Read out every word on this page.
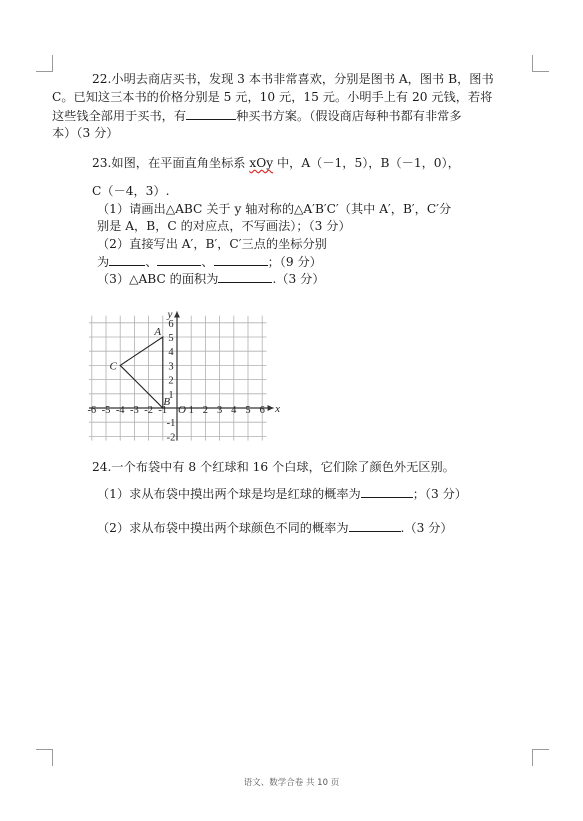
22.小明去商店买书，发现 3 本书非常喜欢，分别是图书 A，图书 B，图书
C。已知这三本书的价格分别是 5 元，10 元，15 元。小明手上有 20 元钱，若将
这些钱全部用于买书，有	种买书方案。（假设商店每种书都有非常多
本）（3 分）
23.如图，在平面直角坐标系 xOy 中，A（－1，5），B（－1，0），
C（－4，3）.
（1）请画出△ABC 关于 y 轴对称的△A′B′C′（其中 A′，B′，C′分
别是 A，B，C 的对应点，不写画法）；（3 分）
（2）直接写出 A′，B′，C′三点的坐标分别
为	、	、	；（9 分）
（3）△ABC 的面积为	.（3 分）
-6 -5 -4 -3 -2 -1 1 2 3 4 5 6
6
5
4
3
2
1
-1
-2
O	x
y
A
B
C
24.一个布袋中有 8 个红球和 16 个白球，它们除了颜色外无区别。
（1）求从布袋中摸出两个球是均是红球的概率为	；（3 分）
（2）求从布袋中摸出两个球颜色不同的概率为	.（3 分）
语文、数学合卷 共 10 页
